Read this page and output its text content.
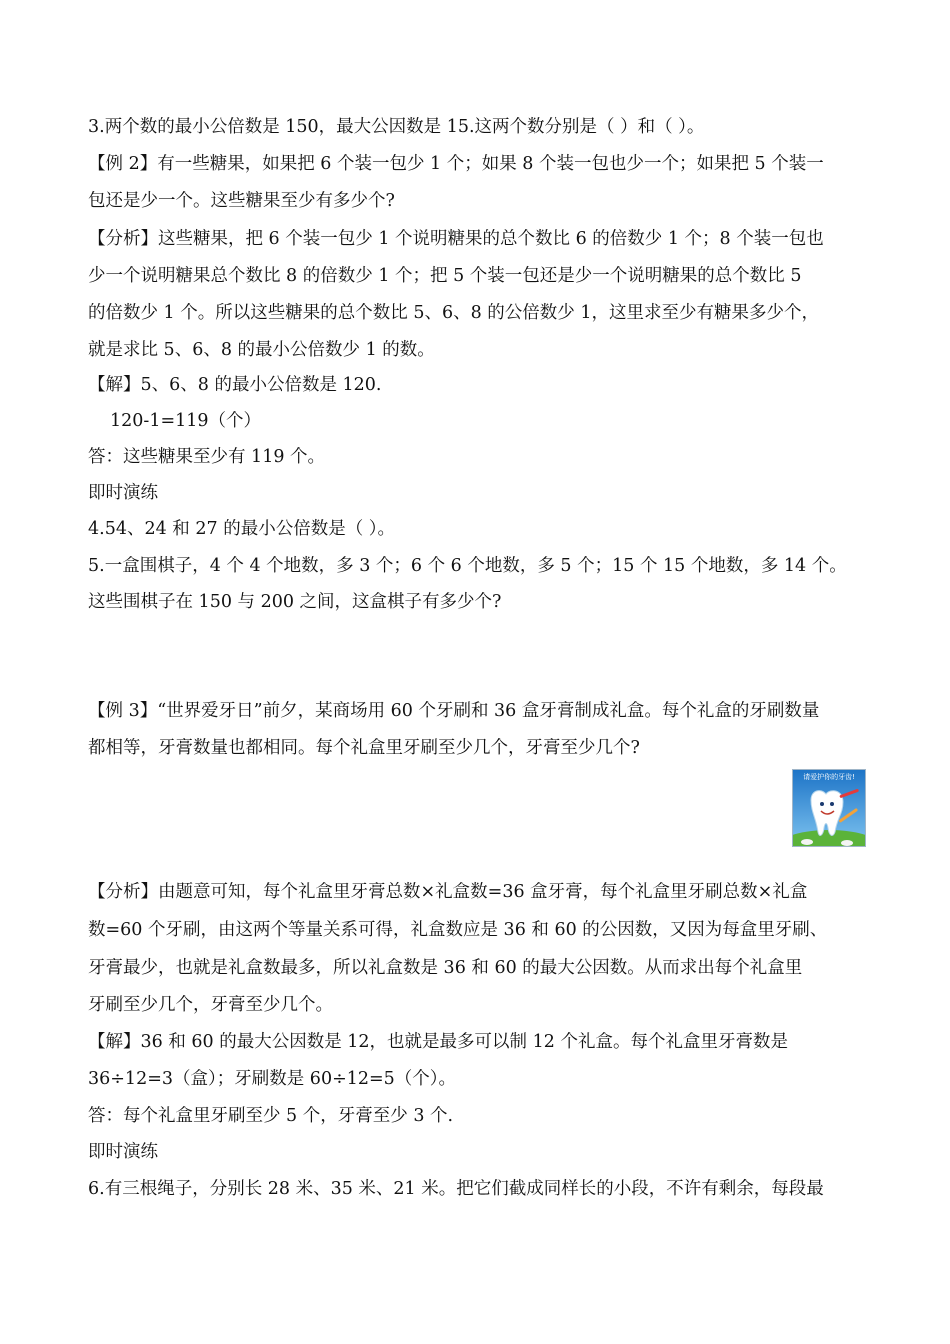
3.两个数的最小公倍数是 150，最大公因数是 15.这两个数分别是（ ）和（ ）。
【例 2】有一些糖果，如果把 6 个装一包少 1 个；如果 8 个装一包也少一个；如果把 5 个装一
包还是少一个。这些糖果至少有多少个?
【分析】这些糖果，把 6 个装一包少 1 个说明糖果的总个数比 6 的倍数少 1 个；8 个装一包也
少一个说明糖果总个数比 8 的倍数少 1 个；把 5 个装一包还是少一个说明糖果的总个数比 5
的倍数少 1 个。所以这些糖果的总个数比 5、6、8 的公倍数少 1，这里求至少有糖果多少个，
就是求比 5、6、8 的最小公倍数少 1 的数。
【解】5、6、8 的最小公倍数是 120.
120-1=119（个）
答：这些糖果至少有 119 个。
即时演练
4.54、24 和 27 的最小公倍数是（ ）。
5.一盒围棋子，4 个 4 个地数，多 3 个；6 个 6 个地数，多 5 个；15 个 15 个地数，多 14 个。
这些围棋子在 150 与 200 之间，这盒棋子有多少个?
【例 3】“世界爱牙日”前夕，某商场用 60 个牙刷和 36 盒牙膏制成礼盒。每个礼盒的牙刷数量
都相等，牙膏数量也都相同。每个礼盒里牙刷至少几个，牙膏至少几个?
请爱护你的牙齿!
【分析】由题意可知，每个礼盒里牙膏总数×礼盒数=36 盒牙膏，每个礼盒里牙刷总数×礼盒
数=60 个牙刷，由这两个等量关系可得，礼盒数应是 36 和 60 的公因数，又因为每盒里牙刷、
牙膏最少，也就是礼盒数最多，所以礼盒数是 36 和 60 的最大公因数。从而求出每个礼盒里
牙刷至少几个，牙膏至少几个。
【解】36 和 60 的最大公因数是 12，也就是最多可以制 12 个礼盒。每个礼盒里牙膏数是
36÷12=3（盒）；牙刷数是 60÷12=5（个）。
答：每个礼盒里牙刷至少 5 个，牙膏至少 3 个.
即时演练
6.有三根绳子，分别长 28 米、35 米、21 米。把它们截成同样长的小段，不许有剩余，每段最
